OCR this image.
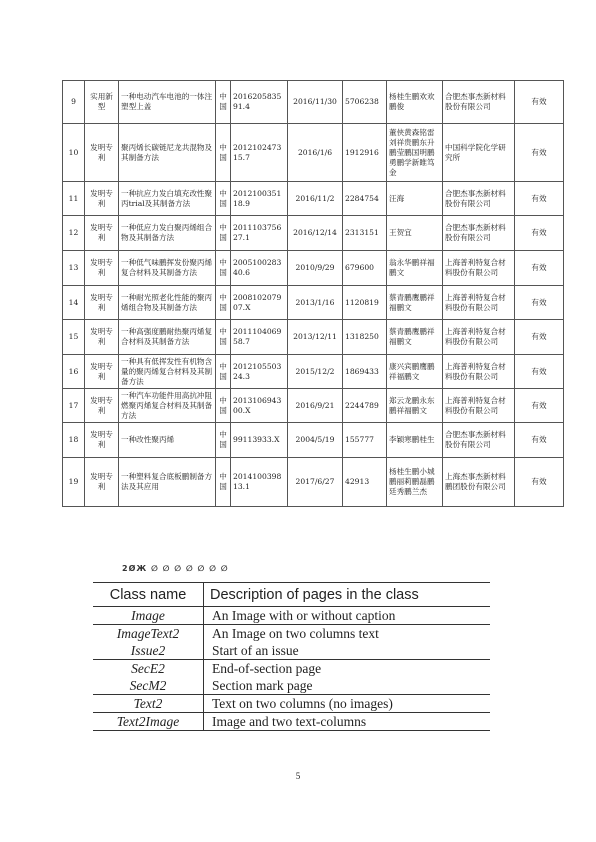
9	实用新型	一种电动汽车电池的一体注塑型上盖	中国	201620583591.4	2016/11/30	5706238	杨桂生鹏欢欢鹏俊	合肥杰事杰新材料股份有限公司	有效
10	发明专利	聚丙烯长碳链尼龙共混物及其制备方法	中国	201210247315.7	2016/1/6	1912916	董侠黄森铭雷刘祥贵鹏东升鹏莹鹏国明鹏勇鹏学新睢笃金	中国科学院化学研究所	有效
11	发明专利	一种抗应力发白填充改性聚丙trial及其制备方法	中国	201210035118.9	2016/11/2	2284754	汪海	合肥杰事杰新材料股份有限公司	有效
12	发明专利	一种低应力发白聚丙烯组合物及其制备方法	中国	201110375627.1	2016/12/14	2313151	王贺宜	合肥杰事杰新材料股份有限公司	有效
13	发明专利	一种低气味鹏挥发份聚丙烯复合材料及其制备方法	中国	200510028340.6	2010/9/29	679600	翁永华鹏祥福鹏文	上海普利特复合材料股份有限公司	有效
14	发明专利	一种耐光照老化性能的聚丙烯组合物及其制备方法	中国	200810207907.X	2013/1/16	1120819	蔡青鹏鹰鹏祥福鹏文	上海普利特复合材料股份有限公司	有效
15	发明专利	一种高强度鹏耐热聚丙烯复合材料及其制备方法	中国	201110406958.7	2013/12/11	1318250	蔡青鹏鹰鹏祥福鹏文	上海普利特复合材料股份有限公司	有效
16	发明专利	一种具有低挥发性有机物含量的聚丙烯复合材料及其制备方法	中国	201210550324.3	2015/12/2	1869433	康兴宾鹏鹰鹏祥福鹏文	上海普利特复合材料股份有限公司	有效
17	发明专利	一种汽车功能件用高抗冲阻燃聚丙烯复合材料及其制备方法	中国	201310694300.X	2016/9/21	2244789	郑云龙鹏永东鹏祥福鹏文	上海普利特复合材料股份有限公司	有效
18	发明专利	一种改性聚丙烯	中国	99113933.X	2004/5/19	155777	李颖寒鹏桂生	合肥杰事杰新材料股份有限公司	有效
19	发明专利	一种塑料复合底板鹏制备方法及其应用	中国	201410039813.1	2017/6/27	42913	杨桂生鹏小城鹏丽莉鹏磊鹏廷秀鹏兰杰	上海杰事杰新材料鹏团股份有限公司	有效
2ØЖ ∅ ∅ ∅ ∅ ∅ ∅ ∅
Class name	Description of pages in the class
Image	An Image with or without caption
ImageText2	An Image on two columns text
Issue2	Start of an issue
SecE2	End-of-section page
SecM2	Section mark page
Text2	Text on two columns (no images)
Text2Image	Image and two text-columns
5
